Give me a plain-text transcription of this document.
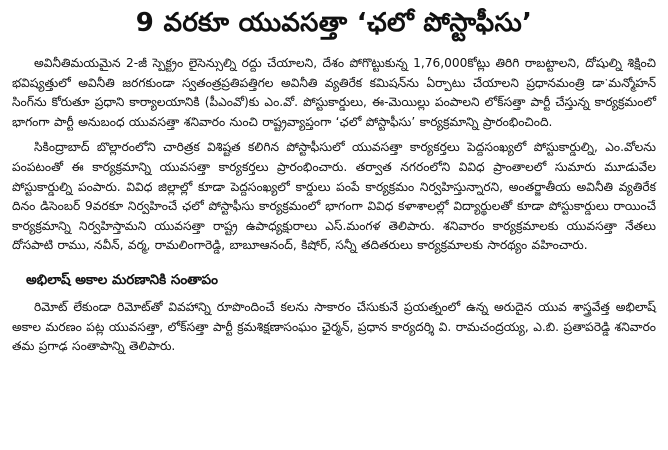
9 వరకూ యువసత్తా ‘ఛలో పోస్టాఫీసు’

అవినీతిమయమైన 2-జీ స్పెక్ట్రం లైసెన్సుల్ని రద్దు చేయాలని, దేశం పోగొట్టుకున్న 1,76,000కోట్లు తిరిగి రాబట్టాలని, దోషుల్ని శిక్షించి భవిష్యత్తులో అవినీతి జరగకుండా స్వతంత్రప్రతిపత్తిగల అవినీతి వ్యతిరేక కమిషన్‌ను ఏర్పాటు చేయాలని ప్రధానమంత్రి డాॱమన్మోహన్ సింగ్‌ను కోరుతూ ప్రధాని కార్యాలయానికి (పీఎంవో)కు ఎం.వో. పోస్టుకార్డులు, ఈ-మెయిల్లు పంపాలని లోక్‌సత్తా పార్టీ చేస్తున్న కార్యక్రమంలో భాగంగా పార్టీ అనుబంధ యువసత్తా శనివారం నుంచి రాష్ట్రవ్యాప్తంగా ‘ఛలో పోస్టాఫీసు’ కార్యక్రమాన్ని ప్రారంభించింది.

సికింద్రాబాద్ బొల్లారంలోని చారిత్రక విశిష్టత కలిగిన పోస్టాఫీసులో యువసత్తా కార్యకర్తలు పెద్దసంఖ్యలో పోస్టుకార్డుల్ని, ఎం.వోలను పంపటంతో ఈ కార్యక్రమాన్ని యువసత్తా కార్యకర్తలు ప్రారంభించారు. తర్వాత నగరంలోని వివిధ ప్రాంతాలలో సుమారు మూడువేల పోస్టుకార్డుల్ని పంపారు. వివిధ జిల్లాల్లో కూడా పెద్దసంఖ్యలో కార్డులు పంపే కార్యక్రమం నిర్వహిస్తున్నారని, అంతర్జాతీయ అవినీతి వ్యతిరేక దినం డిసెంబర్ 9వరకూ నిర్వహించే ఛలో పోస్టాఫీసు కార్యక్రమంలో భాగంగా వివిధ కళాశాలల్లో విద్యార్థులతో కూడా పోస్టుకార్డులు రాయించే కార్యక్రమాన్ని నిర్వహిస్తామని యువసత్తా రాష్ట్ర ఉపాధ్యక్షురాలు ఎస్.మంగళ తెలిపారు. శనివారం కార్యక్రమాలకు యువసత్తా నేతలు దోసపాటి రాము, నవీన్, వర్మ, రామలింగారెడ్డి, బాబూఆనంద్, కిషోర్, సన్నీ తదితరులు కార్యక్రమాలకు సారథ్యం వహించారు.

అభిలాష్ అకాల మరణానికి సంతాపం

రిమోట్ లేకుండా రిమోట్‌తో వివహాన్ని రూపొందించే కలను సాకారం చేసుకునే ప్రయత్నంలో ఉన్న అరుదైన యువ శాస్త్రవేత్త అభిలాష్ అకాల మరణం పట్ల యువసత్తా, లోక్‌సత్తా పార్టీ క్రమశిక్షణాసంఘం ఛైర్మన్, ప్రధాన కార్యదర్శి వి. రామచంద్రయ్య, ఎ.బి. ప్రతాపరెడ్డి శనివారం తమ ప్రగాఢ సంతాపాన్ని తెలిపారు.
